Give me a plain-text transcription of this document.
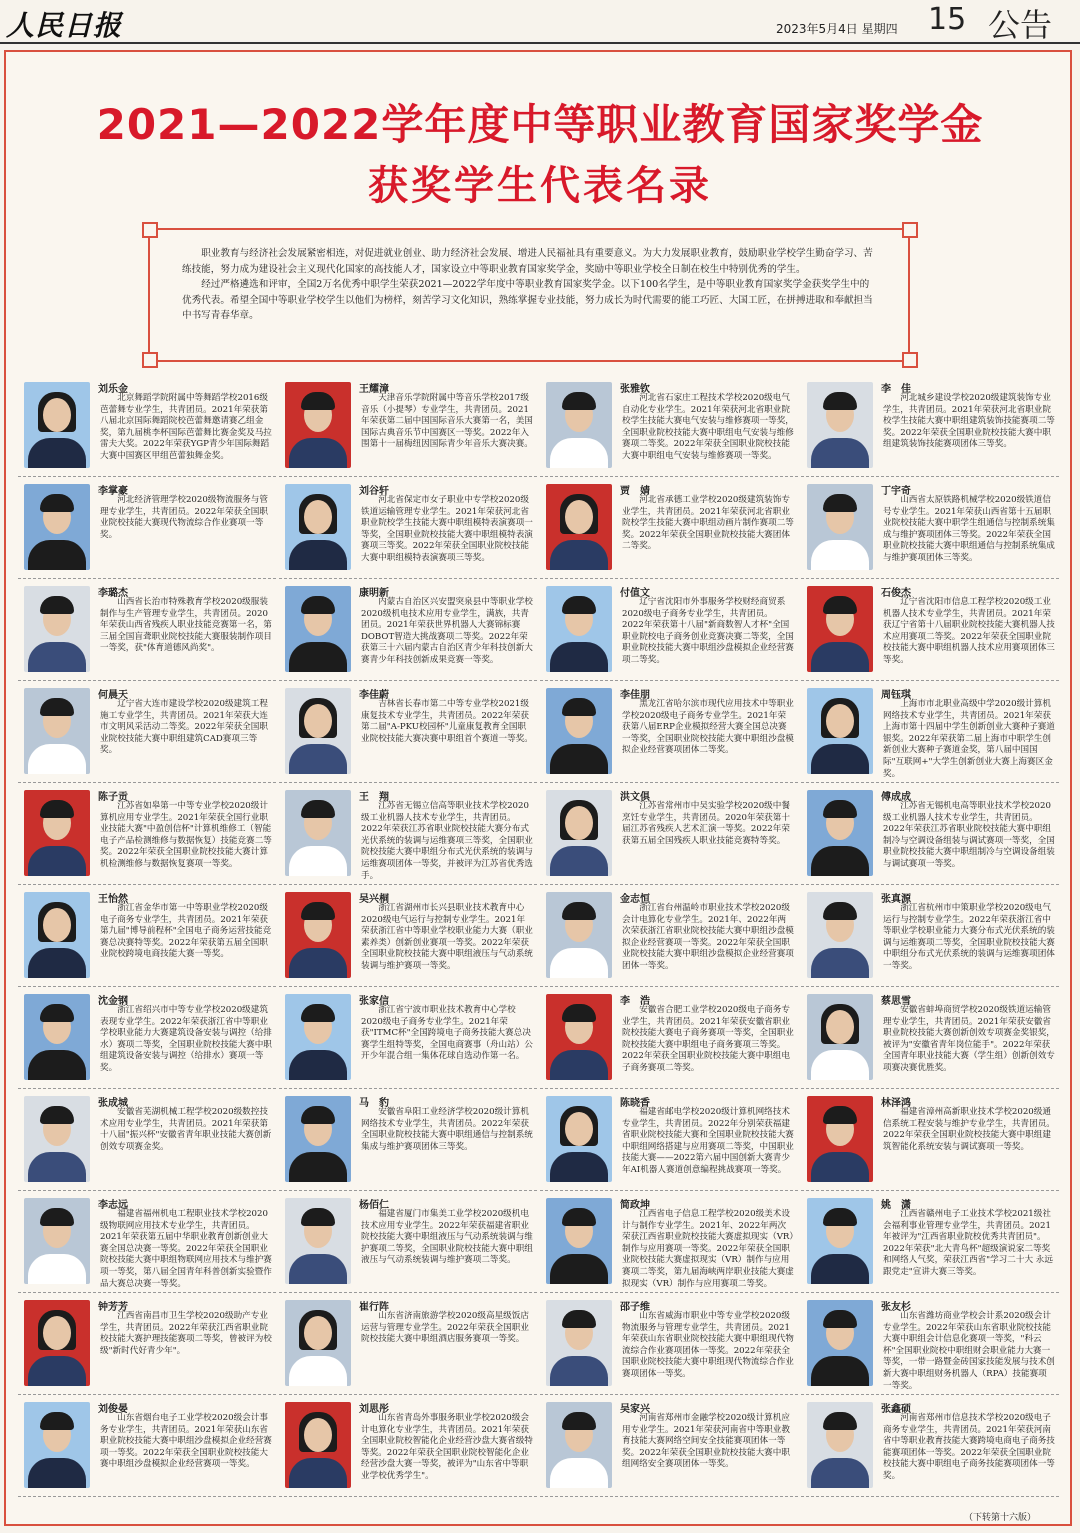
人民日报	2023年5月4日 星期四 15 公告
2021—2022学年度中等职业教育国家奖学金
获奖学生代表名录

职业教育与经济社会发展紧密相连，对促进就业创业、助力经济社会发展、增进人民福祉具有重要意义。为大力发展职业教育，鼓励职业学校学生勤奋学习、苦练技能，努力成为建设社会主义现代化国家的高技能人才，国家设立中等职业教育国家奖学金，奖励中等职业学校全日制在校生中特别优秀的学生。

经过严格遴选和评审，全国2万名优秀中职学生荣获2021—2022学年度中等职业教育国家奖学金。以下100名学生，是中等职业教育国家奖学金获奖学生中的优秀代表。希望全国中等职业学校学生以他们为榜样，刻苦学习文化知识，熟练掌握专业技能，努力成长为时代需要的能工巧匠、大国工匠，在拼搏进取和奉献担当中书写青春华章。

刘乐金
北京舞蹈学院附属中等舞蹈学校2016级芭蕾舞专业学生，共青团员。2021年荣获第八届北京国际舞蹈院校芭蕾舞邀请赛乙组金奖，第九届桃李杯国际芭蕾舞比赛金奖及马拉雷夫大奖。2022年荣获YGP青少年国际舞蹈大赛中国赛区甲组芭蕾独舞金奖。
王耀漳
天津音乐学院附属中等音乐学校2017级音乐（小提琴）专业学生，共青团员。2021年荣获第二届中国国际音乐大赛第一名，美国国际古典音乐节中国赛区一等奖。2022年入围第十一届梅纽因国际青少年音乐大赛决赛。
张雅钦
河北省石家庄工程技术学校2020级电气自动化专业学生。2021年荣获河北省职业院校学生技能大赛电气安装与维修赛项一等奖，全国职业院校技能大赛中职组电气安装与维修赛项二等奖。2022年荣获全国职业院校技能大赛中职组电气安装与维修赛项一等奖。
李　佳
河北城乡建设学校2020级建筑装饰专业学生，共青团员。2021年荣获河北省职业院校学生技能大赛中职组建筑装饰技能赛项二等奖。2022年荣获全国职业院校技能大赛中职组建筑装饰技能赛项团体三等奖。
李掌豪
河北经济管理学校2020级物流服务与管理专业学生，共青团员。2022年荣获全国职业院校技能大赛现代物流综合作业赛项一等奖。
刘谷轩
河北省保定市女子职业中专学校2020级铁道运输管理专业学生。2021年荣获河北省职业院校学生技能大赛中职组模特表演赛项一等奖，全国职业院校技能大赛中职组模特表演赛项三等奖。2022年荣获全国职业院校技能大赛中职组模特表演赛项三等奖。
贾　婧
河北省承德工业学校2020级建筑装饰专业学生，共青团员。2021年荣获河北省职业院校学生技能大赛中职组动画片制作赛项二等奖。2022年荣获全国职业院校技能大赛团体二等奖。
丁宇奇
山西省太原铁路机械学校2020级铁道信号专业学生。2021年荣获山西省第十五届职业院校技能大赛中职学生组通信与控制系统集成与维护赛项团体三等奖。2022年荣获全国职业院校技能大赛中职组通信与控制系统集成与维护赛项团体三等奖。
李璐杰
山西省长治市特殊教育学校2020级服装制作与生产管理专业学生，共青团员。2020年荣获山西省残疾人职业技能竞赛第一名，第三届全国盲聋职业院校技能大赛服装制作项目一等奖，获"体育道德风尚奖"。
康明新
内蒙古自治区兴安盟突泉县中等职业学校2020级机电技术应用专业学生，满族，共青团员。2021年荣获世界机器人大赛锦标赛DOBOT智造大挑战赛项二等奖。2022年荣获第三十六届内蒙古自治区青少年科技创新大赛青少年科技创新成果竞赛一等奖。
付值文
辽宁省沈阳市外事服务学校财经商贸系2020级电子商务专业学生，共青团员。2022年荣获第十八届"新商数智人才杯"全国职业院校电子商务创业竞赛决赛二等奖，全国职业院校技能大赛中职组沙盘模拟企业经营赛项二等奖。
石俊杰
辽宁省沈阳市信息工程学校2020级工业机器人技术专业学生，共青团员。2021年荣获辽宁省第十八届职业院校技能大赛机器人技术应用赛项二等奖。2022年荣获全国职业院校技能大赛中职组机器人技术应用赛项团体三等奖。
何晨天
辽宁省大连市建设学校2020级建筑工程施工专业学生，共青团员。2021年荣获大连市文明风采活动二等奖。2022年荣获全国职业院校技能大赛中职组建筑CAD赛项三等奖。
李佳蔚
吉林省长春市第二中等专业学校2021级康复技术专业学生，共青团员。2022年荣获第二届"A-PKU校园杯"儿童康复教育全国职业院校技能大赛决赛中职组首个赛道一等奖。
李佳朋
黑龙江省哈尔滨市现代应用技术中等职业学校2020级电子商务专业学生。2021年荣获第八届ERP企业模拟经营大赛全国总决赛一等奖，全国职业院校技能大赛中职组沙盘模拟企业经营赛项团体二等奖。
周钰琪
上海市市北职业高级中学2020级计算机网络技术专业学生，共青团员。2021年荣获上海市第十四届中学生创新创业大赛种子赛道银奖。2022年荣获第二届上海市中职学生创新创业大赛种子赛道金奖，第八届中国国际"互联网+"大学生创新创业大赛上海赛区金奖。
陈子贡
江苏省如皋第一中等专业学校2020级计算机应用专业学生。2021年荣获全国行业职业技能大赛"中盈创信杯"计算机维修工（智能电子产品检测维修与数据恢复）技能竞赛二等奖。2022年荣获全国职业院校技能大赛计算机检测维修与数据恢复赛项一等奖。
王　翔
江苏省无锡立信高等职业技术学校2020级工业机器人技术专业学生，共青团员。2022年荣获江苏省职业院校技能大赛分布式光伏系统的装调与运维赛项三等奖，全国职业院校技能大赛中职组分布式光伏系统的装调与运维赛项团体一等奖，并被评为江苏省优秀选手。
洪文俱
江苏省常州市中吴实验学校2020级中餐烹饪专业学生，共青团员。2020年荣获第十届江苏省残疾人艺术汇演一等奖。2022年荣获第五届全国残疾人职业技能竞赛特等奖。
傅成成
江苏省无锡机电高等职业技术学校2020级工业机器人技术专业学生，共青团员。2022年荣获江苏省职业院校技能大赛中职组制冷与空调设备组装与调试赛项一等奖，全国职业院校技能大赛中职组制冷与空调设备组装与调试赛项一等奖。
王怡然
浙江省金华市第一中等职业学校2020级电子商务专业学生，共青团员。2021年荣获第九届"博导前程杯"全国电子商务运营技能竞赛总决赛特等奖。2022年荣获第五届全国职业院校跨境电商技能大赛一等奖。
吴兴桐
浙江省湖州市长兴县职业技术教育中心2020级电气运行与控制专业学生。2021年荣获浙江省中等职业学校职业能力大赛（职业素养类）创新创业赛项一等奖。2022年荣获全国职业院校技能大赛中职组液压与气动系统装调与维护赛项一等奖。
金志恒
浙江省台州温岭市职业技术学校2020级会计电算化专业学生。2021年、2022年两次荣获浙江省职业院校技能大赛中职组沙盘模拟企业经营赛项一等奖。2022年荣获全国职业院校技能大赛中职组沙盘模拟企业经营赛项团体一等奖。
张真源
浙江省杭州市中策职业学校2020级电气运行与控制专业学生。2022年荣获浙江省中等职业学校职业能力大赛分布式光伏系统的装调与运维赛项二等奖，全国职业院校技能大赛中职组分布式光伏系统的装调与运维赛项团体一等奖。
沈金钢
浙江省绍兴市中等专业学校2020级建筑表现专业学生。2022年荣获浙江省中等职业学校职业能力大赛建筑设备安装与调控（给排水）赛项二等奖，全国职业院校技能大赛中职组建筑设备安装与调控（给排水）赛项一等奖。
张家信
浙江省宁波市职业技术教育中心学校2020级电子商务专业学生。2021年荣获"ITMC杯"全国跨境电子商务技能大赛总决赛学生组特等奖，全国电商赛事（舟山站）公开少年混合组一集体花球自选动作第一名。
李　浩
安徽省合肥工业学校2020级电子商务专业学生，共青团员。2021年荣获安徽省职业院校技能大赛电子商务赛项一等奖，全国职业院校技能大赛中职组电子商务赛项三等奖。2022年荣获全国职业院校技能大赛中职组电子商务赛项二等奖。
蔡思雪
安徽省蚌埠商贸学校2020级铁道运输管理专业学生，共青团员。2021年荣获安徽省职业院校技能大赛创新创效专项赛金奖银奖，被评为"安徽省青年岗位能手"。2022年荣获全国青年职业技能大赛（学生组）创新创效专项赛决赛优胜奖。
张成城
安徽省芜湖机械工程学校2020级数控技术应用专业学生，共青团员。2021年荣获第十八届"振兴杯"安徽省青年职业技能大赛创新创效专项赛金奖。
马　豹
安徽省阜阳工业经济学校2020级计算机网络技术专业学生，共青团员。2022年荣获全国职业院校技能大赛中职组通信与控制系统集成与维护赛项团体三等奖。
陈晓香
福建省邮电学校2020级计算机网络技术专业学生，共青团员。2022年分别荣获福建省职业院校技能大赛和全国职业院校技能大赛中职组网络搭建与应用赛项二等奖，中国职业技能大赛——2022第六届中国创新大赛青少年AI机器人赛道创意编程挑战赛项一等奖。
林泽鸿
福建省漳州高新职业技术学校2020级通信系统工程安装与维护专业学生，共青团员。2022年荣获全国职业院校技能大赛中职组建筑智能化系统安装与调试赛项一等奖。
李志远
福建省福州机电工程职业技术学校2020级物联网应用技术专业学生，共青团员。2021年荣获第五届中华职业教育创新创业大赛全国总决赛一等奖。2022年荣获全国职业院校技能大赛中职组物联网应用技术与维护赛项一等奖，第八届全国青年科普创新实验暨作品大赛总决赛一等奖。
杨佰仁
福建省厦门市集美工业学校2020级机电技术应用专业学生。2022年荣获福建省职业院校技能大赛中职组液压与气动系统装调与维护赛项二等奖，全国职业院校技能大赛中职组液压与气动系统装调与维护赛项二等奖。
简政坤
江西省电子信息工程学校2020级美术设计与制作专业学生。2021年、2022年两次荣获江西省职业院校技能大赛虚拟现实（VR）制作与应用赛项一等奖。2022年荣获全国职业院校技能大赛虚拟现实（VR）制作与应用赛项二等奖，第九届海峡两岸职业技能大赛虚拟现实（VR）制作与应用赛项二等奖。
姚　潇
江西省赣州电子工业技术学校2021级社会福利事业管理专业学生，共青团员。2021年被评为"江西省职业院校优秀共青团员"。2022年荣获"北大青鸟杯"超级演说家二等奖和网络人气奖，荣获江西省"学习二十大 永远跟党走"宣讲大赛三等奖。
钟芳芳
江西省南昌市卫生学校2020级助产专业学生，共青团员。2022年荣获江西省职业院校技能大赛护理技能赛项二等奖，曾被评为校级"新时代好青少年"。
崔行阵
山东省济南旅游学校2020级高星级饭店运营与管理专业学生。2022年荣获全国职业院校技能大赛中职组酒店服务赛项一等奖。
邵子维
山东省威海市职业中等专业学校2020级物流服务与管理专业学生，共青团员。2021年荣获山东省职业院校技能大赛中职组现代物流综合作业赛项团体一等奖。2022年荣获全国职业院校技能大赛中职组现代物流综合作业赛项团体一等奖。
张友杉
山东省潍坊商业学校会计系2020级会计专业学生。2022年荣获山东省职业院校技能大赛中职组会计信息化赛项一等奖，"科云杯"全国职业院校中职组财会职业能力大赛一等奖，一带一路暨金砖国家技能发展与技术创新大赛中职组财务机器人（RPA）技能赛项一等奖。
刘俊晏
山东省烟台电子工业学校2020级会计事务专业学生，共青团员。2021年荣获山东省职业院校技能大赛中职组沙盘模拟企业经营赛项一等奖。2022年荣获全国职业院校技能大赛中职组沙盘模拟企业经营赛项一等奖。
刘思彤
山东省青岛外事服务职业学校2020级会计电算化专业学生，共青团员。2021年荣获全国职业院校智能化企业经营沙盘大赛省级特等奖。2022年荣获全国职业院校智能化企业经营沙盘大赛一等奖，被评为"山东省中等职业学校优秀学生"。
吴家兴
河南省郑州市金融学校2020级计算机应用专业学生。2021年荣获河南省中等职业教育技能大赛网络空间安全技能赛项团体一等奖。2022年荣获全国职业院校技能大赛中职组网络安全赛项团体一等奖。
张鑫硕
河南省郑州市信息技术学校2020级电子商务专业学生，共青团员。2021年荣获河南省中等职业教育技能大赛跨境电商电子商务技能赛项团体一等奖。2022年荣获全国职业院校技能大赛中职组电子商务技能赛项团体一等奖。
（下转第十六版）
